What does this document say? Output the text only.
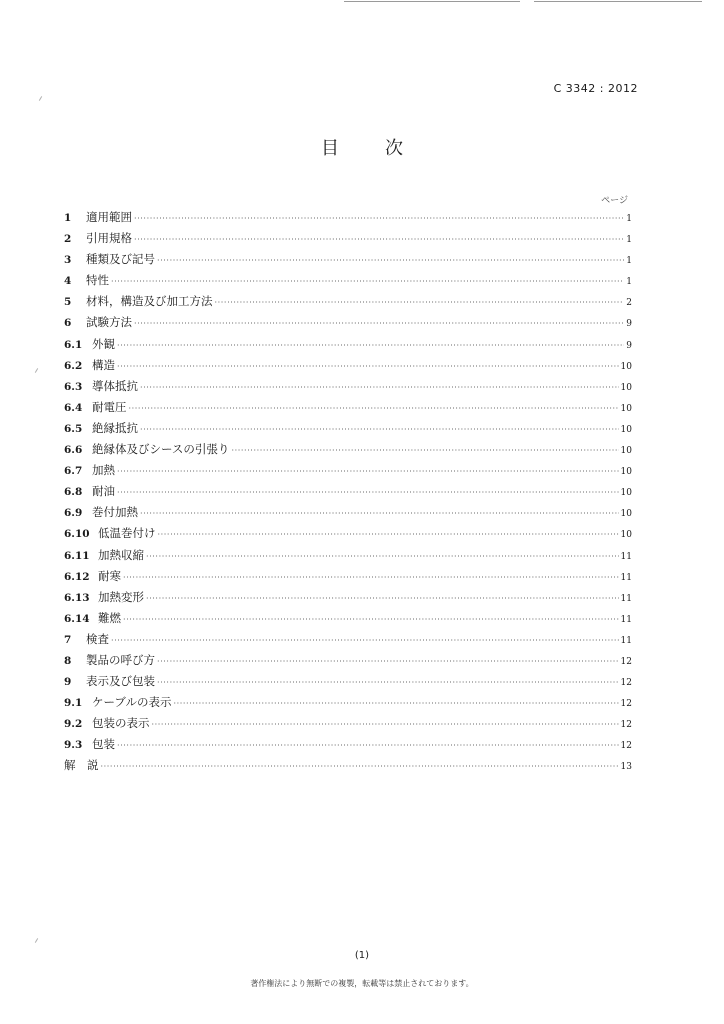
C 3342 : 2012
目　次
ページ
1	適用範囲 ·····	1
2	引用規格 ·····	1
3	種類及び記号 ·····	1
4	特性 ·····	1
5	材料，構造及び加工方法 ·····	2
6	試験方法 ·····	9
6.1 外観 ·····	9
6.2 構造 ·····	10
6.3 導体抵抗 ·····	10
6.4 耐電圧 ·····	10
6.5 絶縁抵抗 ·····	10
6.6 絶縁体及びシースの引張り ·····	10
6.7 加熱 ·····	10
6.8 耐油 ·····	10
6.9 巻付加熱 ·····	10
6.10 低温巻付け ·····	10
6.11 加熱収縮 ·····	11
6.12 耐寒 ·····	11
6.13 加熱変形 ·····	11
6.14 難燃 ·····	11
7	検査 ·····	11
8	製品の呼び方 ·····	12
9	表示及び包装 ·····	12
9.1 ケーブルの表示 ·····	12
9.2 包装の表示 ·····	12
9.3 包装 ·····	12
解　説 ·····	13
(1)
著作権法により無断での複製，転載等は禁止されております。
